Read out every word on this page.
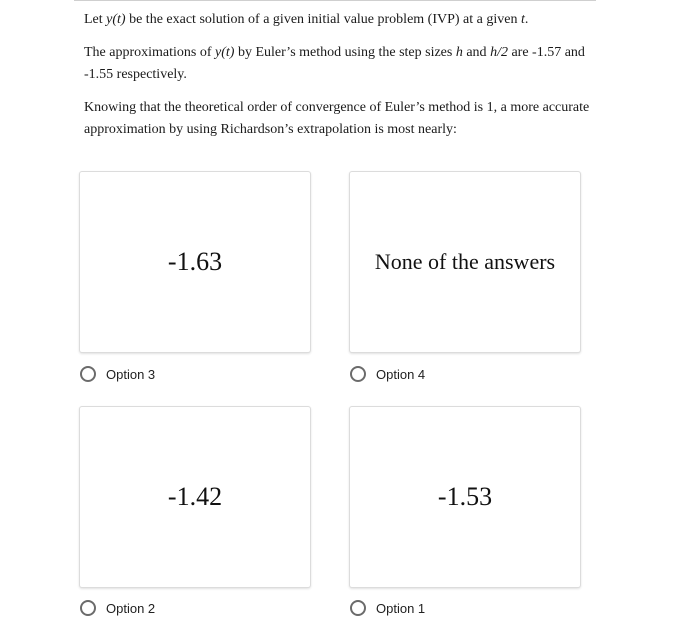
Let y(t) be the exact solution of a given initial value problem (IVP) at a given t.

The approximations of y(t) by Euler’s method using the step sizes h and h/2 are -1.57 and -1.55 respectively.

Knowing that the theoretical order of convergence of Euler’s method is 1, a more accurate approximation by using Richardson’s extrapolation is most nearly:

-1.63
Option 3
None of the answers
Option 4
-1.42
Option 2
-1.53
Option 1
